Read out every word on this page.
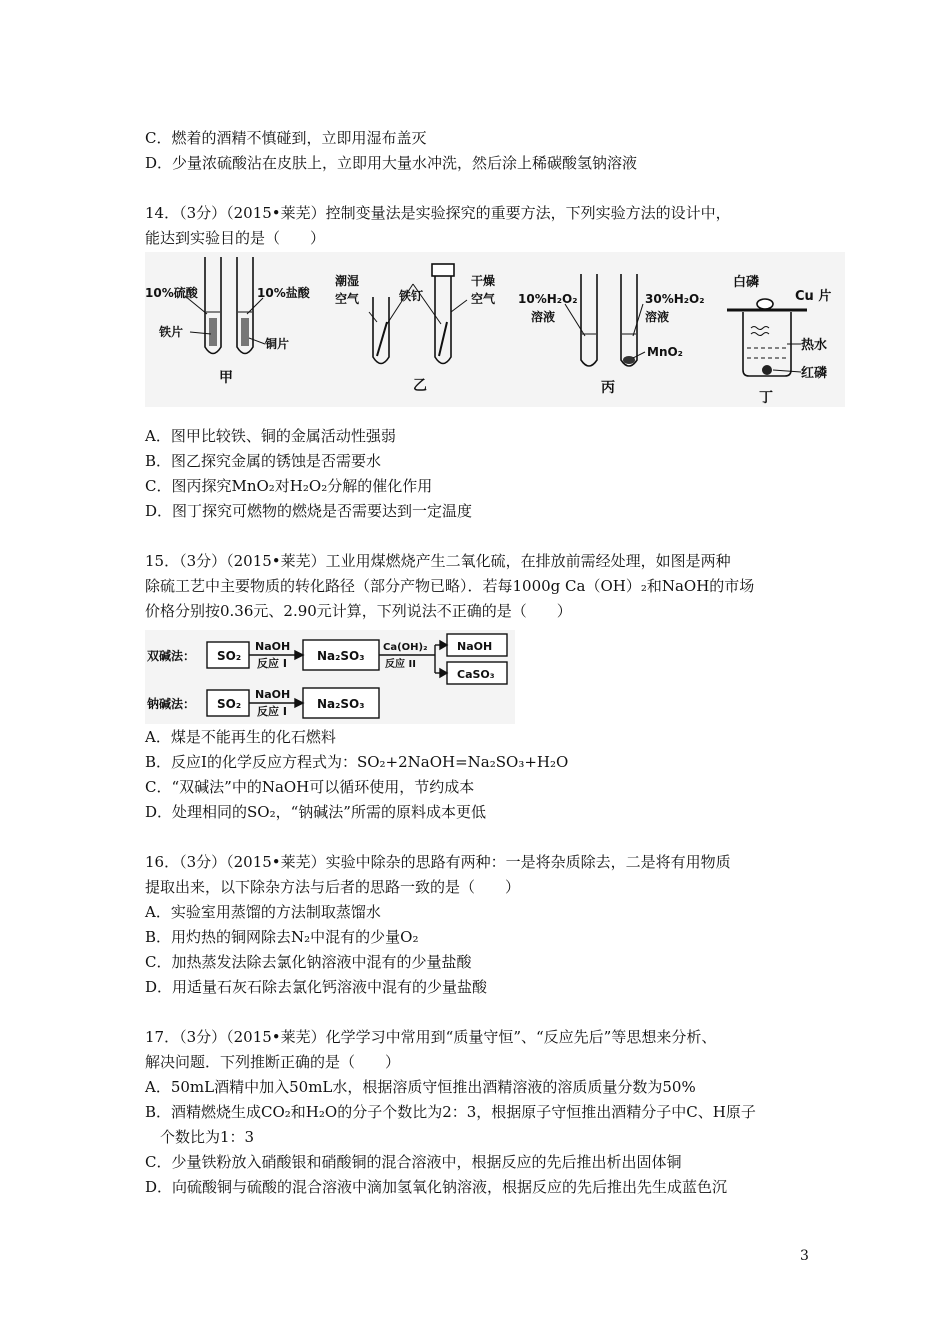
C．燃着的酒精不慎碰到，立即用湿布盖灭
D．少量浓硫酸沾在皮肤上，立即用大量水冲洗，然后涂上稀碳酸氢钠溶液
14．（3分）（2015•莱芜）控制变量法是实验探究的重要方法，下列实验方法的设计中，
能达到实验目的是（　　）
10%硫酸	10%盐酸
铁片
铜片
甲
潮湿
空气	铁钉
干燥
空气
乙
10%H₂O₂
溶液
30%H₂O₂
溶液
MnO₂
丙
白磷
Cu 片
热水
红磷
丁
A．图甲比较铁、铜的金属活动性强弱
B．图乙探究金属的锈蚀是否需要水
C．图丙探究MnO₂对H₂O₂分解的催化作用
D．图丁探究可燃物的燃烧是否需要达到一定温度
15．（3分）（2015•莱芜）工业用煤燃烧产生二氧化硫，在排放前需经处理，如图是两种
除硫工艺中主要物质的转化路径（部分产物已略）．若每1000g Ca（OH）₂和NaOH的市场
价格分别按0.36元、2.90元计算，下列说法不正确的是（　　）
双碱法：
钠碱法：
SO₂
SO₂
NaOH
反应 I
NaOH
反应 I
Na₂SO₃
Na₂SO₃
Ca(OH)₂
反应 II
NaOH
CaSO₃
A．煤是不能再生的化石燃料
B．反应Ⅰ的化学反应方程式为：SO₂+2NaOH=Na₂SO₃+H₂O
C．“双碱法”中的NaOH可以循环使用，节约成本
D．处理相同的SO₂，“钠碱法”所需的原料成本更低
16．（3分）（2015•莱芜）实验中除杂的思路有两种：一是将杂质除去，二是将有用物质
提取出来，以下除杂方法与后者的思路一致的是（　　）
A．实验室用蒸馏的方法制取蒸馏水
B．用灼热的铜网除去N₂中混有的少量O₂
C．加热蒸发法除去氯化钠溶液中混有的少量盐酸
D．用适量石灰石除去氯化钙溶液中混有的少量盐酸
17．（3分）（2015•莱芜）化学学习中常用到“质量守恒”、“反应先后”等思想来分析、
解决问题．下列推断正确的是（　　）
A．50mL酒精中加入50mL水，根据溶质守恒推出酒精溶液的溶质质量分数为50%
B．酒精燃烧生成CO₂和H₂O的分子个数比为2：3，根据原子守恒推出酒精分子中C、H原子
个数比为1：3
C．少量铁粉放入硝酸银和硝酸铜的混合溶液中，根据反应的先后推出析出固体铜
D．向硫酸铜与硫酸的混合溶液中滴加氢氧化钠溶液，根据反应的先后推出先生成蓝色沉
3
